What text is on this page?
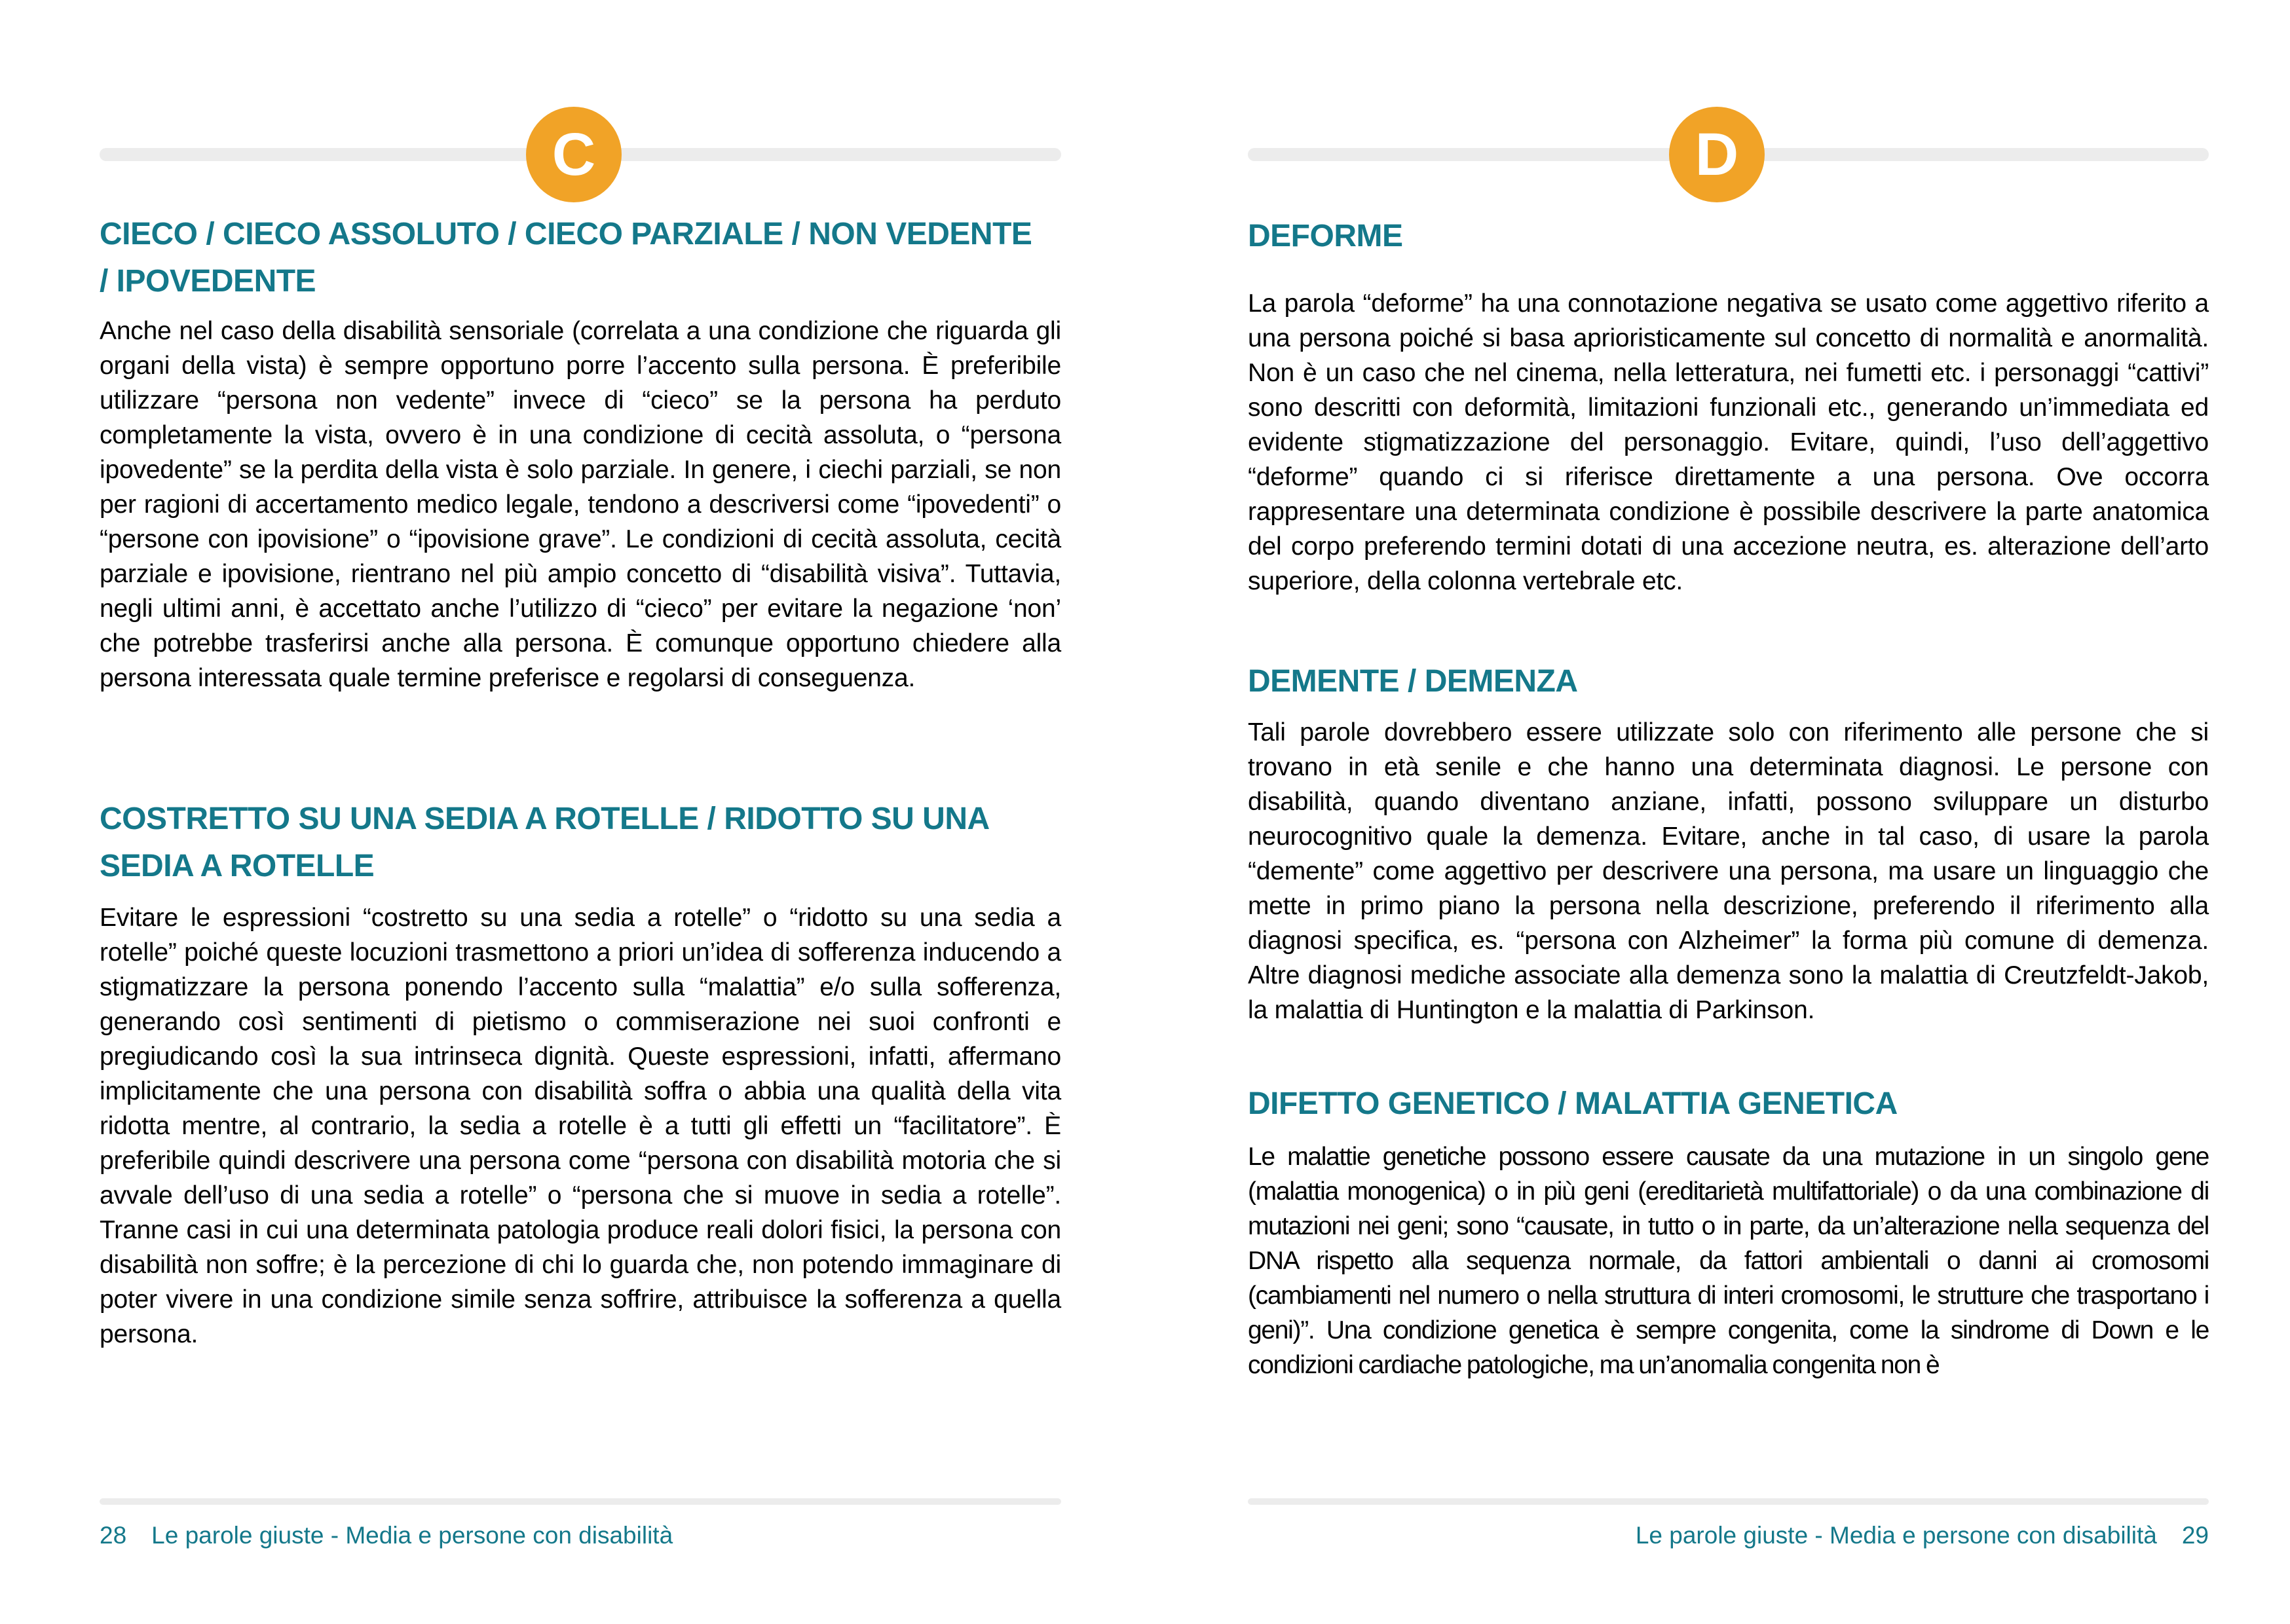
C
CIECO / CIECO ASSOLUTO / CIECO PARZIALE / NON VEDENTE / IPOVEDENTE

Anche nel caso della disabilità sensoriale (correlata a una condizione che riguarda gli organi della vista) è sempre opportuno porre l’accento sulla persona. È preferibile utilizzare “persona non vedente” invece di “cieco” se la persona ha perduto completamente la vista, ovvero è in una condizione di cecità assoluta, o “persona ipovedente” se la perdita della vista è solo parziale. In genere, i ciechi parziali, se non per ragioni di accertamento medico legale, tendono a descriversi come “ipovedenti” o “persone con ipovisione” o “ipovisione grave”. Le condizioni di cecità assoluta, cecità parziale e ipovisione, rientrano nel più ampio concetto di “disabilità visiva”. Tuttavia, negli ultimi anni, è accettato anche l’utilizzo di “cieco” per evitare la negazione ‘non’ che potrebbe trasferirsi anche alla persona. È comunque opportuno chiedere alla persona interessata quale termine preferisce e regolarsi di conseguenza.

COSTRETTO SU UNA SEDIA A ROTELLE / RIDOTTO SU UNA SEDIA A ROTELLE

Evitare le espressioni “costretto su una sedia a rotelle” o “ridotto su una sedia a rotelle” poiché queste locuzioni trasmettono a priori un’idea di sofferenza inducendo a stigmatizzare la persona ponendo l’accento sulla “malattia” e/o sulla sofferenza, generando così sentimenti di pietismo o commiserazione nei suoi confronti e pregiudicando così la sua intrinseca dignità. Queste espressioni, infatti, affermano implicitamente che una persona con disabilità soffra o abbia una qualità della vita ridotta mentre, al contrario, la sedia a rotelle è a tutti gli effetti un “facilitatore”. È preferibile quindi descrivere una persona come “persona con disabilità motoria che si avvale dell’uso di una sedia a rotelle” o “persona che si muove in sedia a rotelle”. Tranne casi in cui una determinata patologia produce reali dolori fisici, la persona con disabilità non soffre; è la percezione di chi lo guarda che, non potendo immaginare di poter vivere in una condizione simile senza soffrire, attribuisce la sofferenza a quella persona.

28 Le parole giuste - Media e persone con disabilità
D
DEFORME

La parola “deforme” ha una connotazione negativa se usato come aggettivo riferito a una persona poiché si basa aprioristicamente sul concetto di normalità e anormalità. Non è un caso che nel cinema, nella letteratura, nei fumetti etc. i personaggi “cattivi” sono descritti con deformità, limitazioni funzionali etc., generando un’immediata ed evidente stigmatizzazione del personaggio. Evitare, quindi, l’uso dell’aggettivo “deforme” quando ci si riferisce direttamente a una persona. Ove occorra rappresentare una determinata condizione è possibile descrivere la parte anatomica del corpo preferendo termini dotati di una accezione neutra, es. alterazione dell’arto superiore, della colonna vertebrale etc.

DEMENTE / DEMENZA

Tali parole dovrebbero essere utilizzate solo con riferimento alle persone che si trovano in età senile e che hanno una determinata diagnosi. Le persone con disabilità, quando diventano anziane, infatti, possono sviluppare un disturbo neurocognitivo quale la demenza. Evitare, anche in tal caso, di usare la parola “demente” come aggettivo per descrivere una persona, ma usare un linguaggio che mette in primo piano la persona nella descrizione, preferendo il riferimento alla diagnosi specifica, es. “persona con Alzheimer” la forma più comune di demenza. Altre diagnosi mediche associate alla demenza sono la malattia di Creutzfeldt-Jakob, la malattia di Huntington e la malattia di Parkinson.

DIFETTO GENETICO / MALATTIA GENETICA

Le malattie genetiche possono essere causate da una mutazione in un singolo gene (malattia monogenica) o in più geni (ereditarietà multifattoriale) o da una combinazione di mutazioni nei geni; sono “causate, in tutto o in parte, da un’alterazione nella sequenza del DNA rispetto alla sequenza normale, da fattori ambientali o danni ai cromosomi (cambiamenti nel numero o nella struttura di interi cromosomi, le strutture che trasportano i geni)”. Una condizione genetica è sempre congenita, come la sindrome di Down e le condizioni cardiache patologiche, ma un’anomalia congenita non è

Le parole giuste - Media e persone con disabilità 29
